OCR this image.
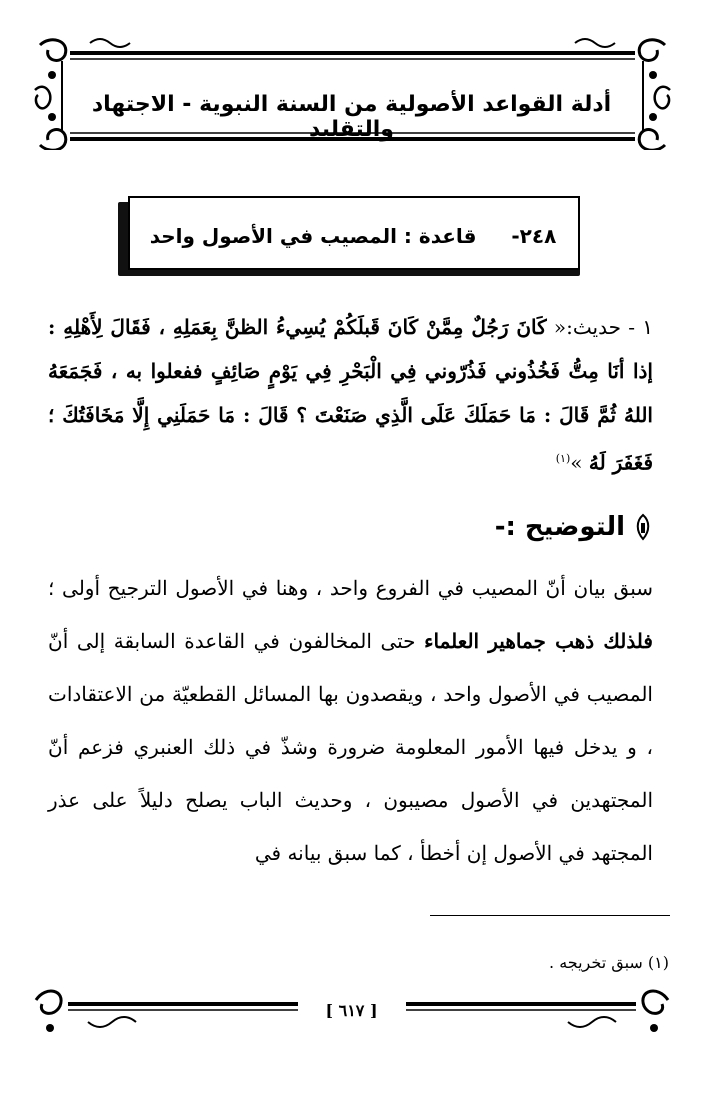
أدلة القواعد الأصولية من السنة النبوية - الاجتهاد والتقليد
٢٤٨-     قاعدة : المصيب في الأصول واحد
١ - حديث:« كَانَ رَجُلٌ مِمَّنْ كَانَ قَبلَكُمْ يُسِيءُ الظنَّ بِعَمَلِهِ ، فَقَالَ لِأَهْلِهِ : إذا أنَا مِتُّ فَخُذُوني فَذُرّوني فِي الْبَحْرِ فِي يَوْمٍ صَائِفٍ ففعلوا به ، فَجَمَعَهُ اللهُ ثُمَّ قَالَ : مَا حَمَلَكَ عَلَى الَّذِي صَنَعْتَ ؟ قَالَ : مَا حَمَلَنِي إِلَّا مَخَافَتُكَ ؛ فَغَفَرَ لَهُ »$^{(١)}$
التوضيح :-
سبق بيان أنّ المصيب في الفروع واحد ، وهنا في الأصول الترجيح أولى ؛ فلذلك ذهب جماهير العلماء حتى المخالفون في القاعدة السابقة إلى أنّ المصيب في الأصول واحد ، ويقصدون بها المسائل القطعيّة من الاعتقادات ، و يدخل فيها الأمور المعلومة ضرورة وشذّ في ذلك العنبري فزعم أنّ المجتهدين في الأصول مصيبون ، وحديث الباب يصلح دليلاً على عذر المجتهد في الأصول إن أخطأ ، كما سبق بيانه في
(١) سبق تخريجه .
[ ٦١٧ ]
